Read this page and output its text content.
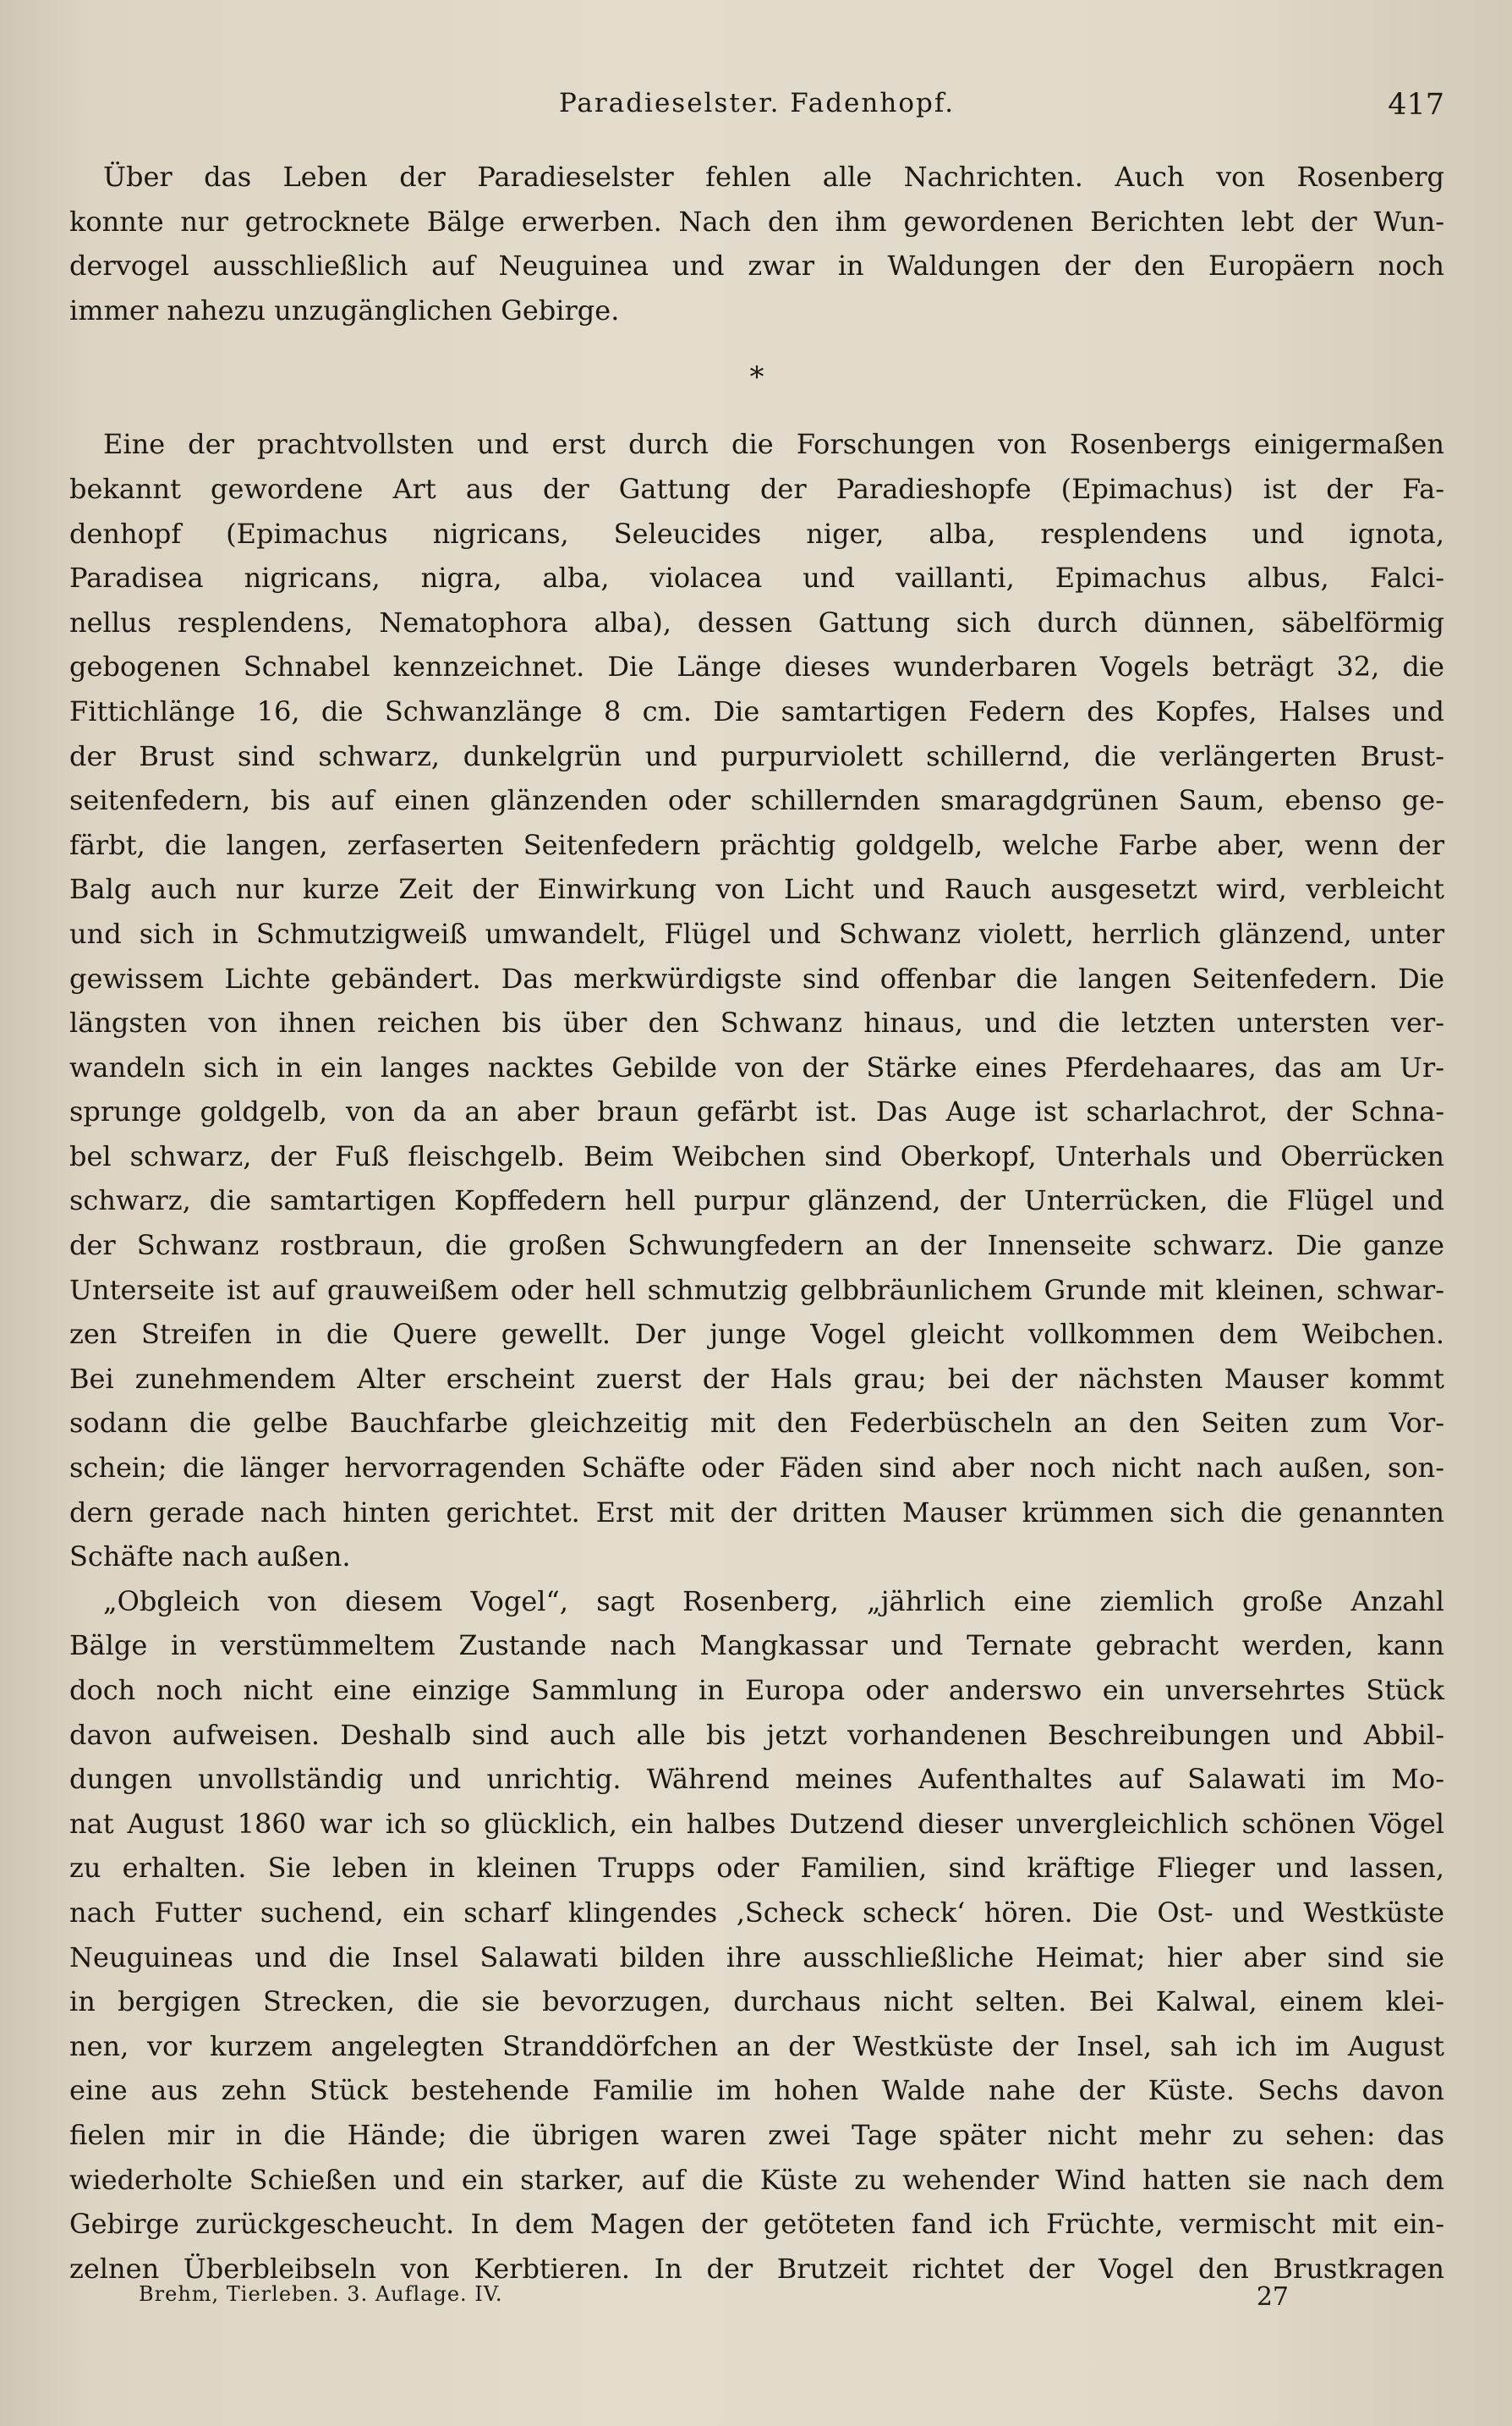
Paradieselster. Fadenhopf.	417
Über das Leben der Paradieselster fehlen alle Nachrichten. Auch von Rosenberg
konnte nur getrocknete Bälge erwerben. Nach den ihm gewordenen Berichten lebt der Wun-
dervogel ausschließlich auf Neuguinea und zwar in Waldungen der den Europäern noch
immer nahezu unzugänglichen Gebirge.
*
Eine der prachtvollsten und erst durch die Forschungen von Rosenbergs einigermaßen
bekannt gewordene Art aus der Gattung der Paradieshopfe (Epimachus) ist der Fa-
denhopf (Epimachus nigricans, Seleucides niger, alba, resplendens und ignota,
Paradisea nigricans, nigra, alba, violacea und vaillanti, Epimachus albus, Falci-
nellus resplendens, Nematophora alba), dessen Gattung sich durch dünnen, säbelförmig
gebogenen Schnabel kennzeichnet. Die Länge dieses wunderbaren Vogels beträgt 32, die
Fittichlänge 16, die Schwanzlänge 8 cm. Die samtartigen Federn des Kopfes, Halses und
der Brust sind schwarz, dunkelgrün und purpurviolett schillernd, die verlängerten Brust-
seitenfedern, bis auf einen glänzenden oder schillernden smaragdgrünen Saum, ebenso ge-
färbt, die langen, zerfaserten Seitenfedern prächtig goldgelb, welche Farbe aber, wenn der
Balg auch nur kurze Zeit der Einwirkung von Licht und Rauch ausgesetzt wird, verbleicht
und sich in Schmutzigweiß umwandelt, Flügel und Schwanz violett, herrlich glänzend, unter
gewissem Lichte gebändert. Das merkwürdigste sind offenbar die langen Seitenfedern. Die
längsten von ihnen reichen bis über den Schwanz hinaus, und die letzten untersten ver-
wandeln sich in ein langes nacktes Gebilde von der Stärke eines Pferdehaares, das am Ur-
sprunge goldgelb, von da an aber braun gefärbt ist. Das Auge ist scharlachrot, der Schna-
bel schwarz, der Fuß fleischgelb. Beim Weibchen sind Oberkopf, Unterhals und Oberrücken
schwarz, die samtartigen Kopffedern hell purpur glänzend, der Unterrücken, die Flügel und
der Schwanz rostbraun, die großen Schwungfedern an der Innenseite schwarz. Die ganze
Unterseite ist auf grauweißem oder hell schmutzig gelbbräunlichem Grunde mit kleinen, schwar-
zen Streifen in die Quere gewellt. Der junge Vogel gleicht vollkommen dem Weibchen.
Bei zunehmendem Alter erscheint zuerst der Hals grau; bei der nächsten Mauser kommt
sodann die gelbe Bauchfarbe gleichzeitig mit den Federbüscheln an den Seiten zum Vor-
schein; die länger hervorragenden Schäfte oder Fäden sind aber noch nicht nach außen, son-
dern gerade nach hinten gerichtet. Erst mit der dritten Mauser krümmen sich die genannten
Schäfte nach außen.
„Obgleich von diesem Vogel“, sagt Rosenberg, „jährlich eine ziemlich große Anzahl
Bälge in verstümmeltem Zustande nach Mangkassar und Ternate gebracht werden, kann
doch noch nicht eine einzige Sammlung in Europa oder anderswo ein unversehrtes Stück
davon aufweisen. Deshalb sind auch alle bis jetzt vorhandenen Beschreibungen und Abbil-
dungen unvollständig und unrichtig. Während meines Aufenthaltes auf Salawati im Mo-
nat August 1860 war ich so glücklich, ein halbes Dutzend dieser unvergleichlich schönen Vögel
zu erhalten. Sie leben in kleinen Trupps oder Familien, sind kräftige Flieger und lassen,
nach Futter suchend, ein scharf klingendes ‚Scheck scheck‘ hören. Die Ost- und Westküste
Neuguineas und die Insel Salawati bilden ihre ausschließliche Heimat; hier aber sind sie
in bergigen Strecken, die sie bevorzugen, durchaus nicht selten. Bei Kalwal, einem klei-
nen, vor kurzem angelegten Stranddörfchen an der Westküste der Insel, sah ich im August
eine aus zehn Stück bestehende Familie im hohen Walde nahe der Küste. Sechs davon
fielen mir in die Hände; die übrigen waren zwei Tage später nicht mehr zu sehen: das
wiederholte Schießen und ein starker, auf die Küste zu wehender Wind hatten sie nach dem
Gebirge zurückgescheucht. In dem Magen der getöteten fand ich Früchte, vermischt mit ein-
zelnen Überbleibseln von Kerbtieren. In der Brutzeit richtet der Vogel den Brustkragen
Brehm, Tierleben. 3. Auflage. IV.	27
